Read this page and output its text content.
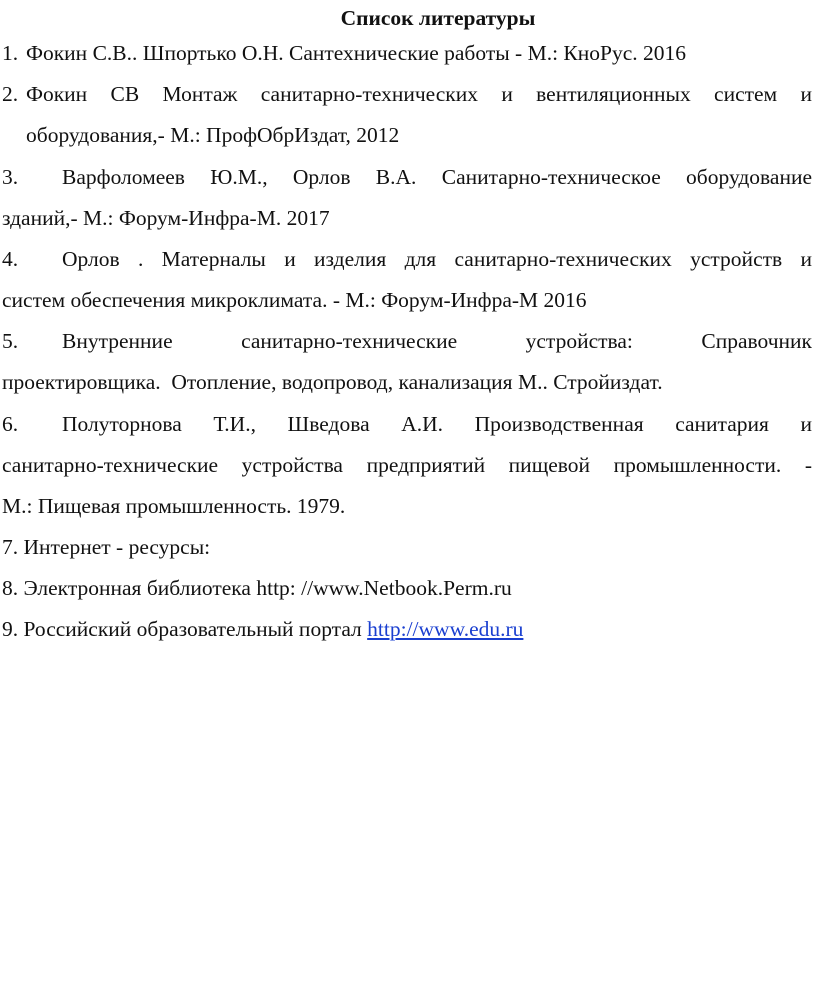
Список литературы
1. Фокин С.В.. Шпортько О.Н. Сантехнические работы - М.: КноРус. 2016
2. Фокин СВ Монтаж санитарно-технических и вентиляционных систем и
оборудования,- М.: ПрофОбрИздат, 2012
3. Варфоломеев Ю.М., Орлов В.А. Санитарно-техническое оборудование
зданий,- М.: Форум-Инфра-М. 2017
4. Орлов . Матерналы и изделия для санитарно-технических устройств и
систем обеспечения микроклимата. - М.: Форум-Инфра-М 2016
5. Внутренние санитарно-технические устройства: Справочник
проектировщика.  Отопление, водопровод, канализация М.. Стройиздат.
6. Полуторнова Т.И., Шведова А.И. Производственная санитария и
санитарно-технические устройства предприятий пищевой промышленности. -
М.: Пищевая промышленность. 1979.
7. Интернет - ресурсы:
8. Электронная библиотека http: //www.Netbook.Perm.ru
9. Российский образовательный портал http://www.edu.ru
